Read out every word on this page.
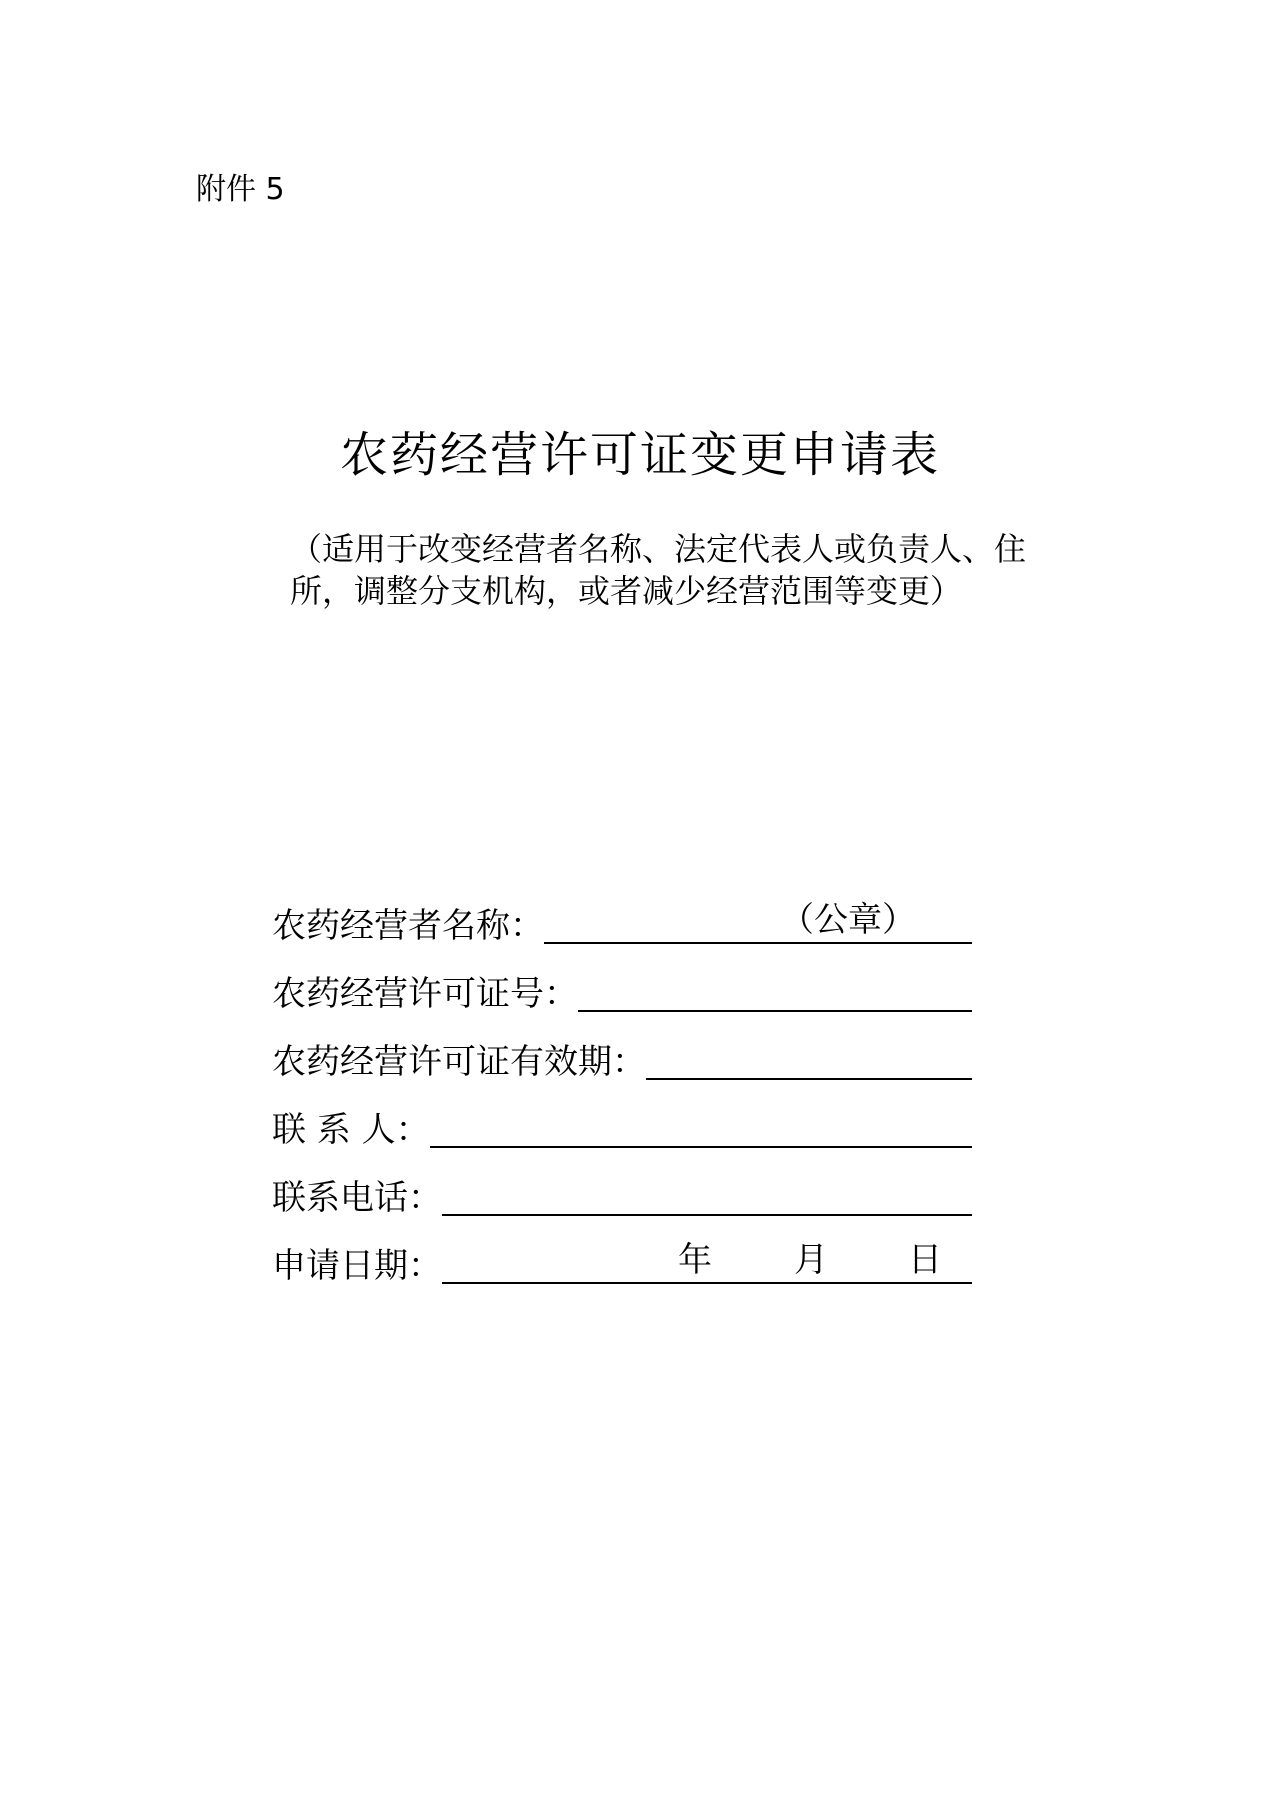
附件 5
农药经营许可证变更申请表
（适用于改变经营者名称、法定代表人或负责人、住
所，调整分支机构，或者减少经营范围等变更）
农药经营者名称：	（公章）
农药经营许可证号：
农药经营许可证有效期：
联 系 人：
联系电话：
申请日期：	年 月 日
